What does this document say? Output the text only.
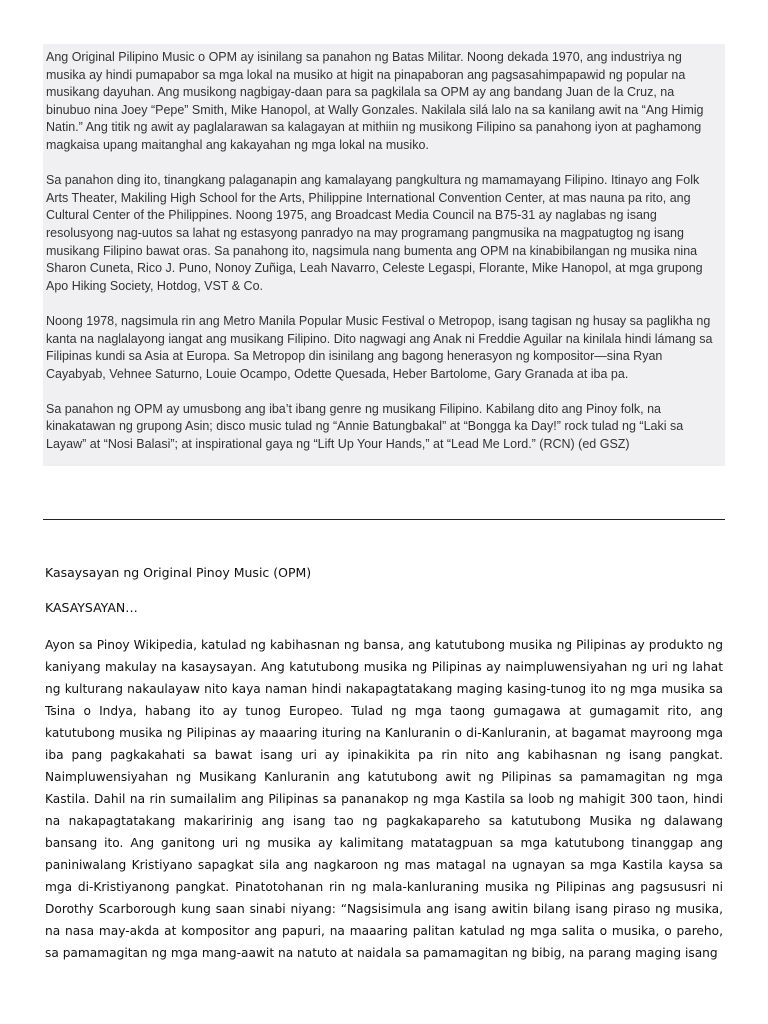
Ang Original Pilipino Music o OPM ay isinilang sa panahon ng Batas Militar. Noong dekada 1970, ang industriya ng musika ay hindi pumapabor sa mga lokal na musiko at higit na pinapaboran ang pagsasahimpapawid ng popular na musikang dayuhan. Ang musikong nagbigay-daan para sa pagkilala sa OPM ay ang bandang Juan de la Cruz, na binubuo nina Joey “Pepe” Smith, Mike Hanopol, at Wally Gonzales. Nakilala silá lalo na sa kanilang awit na “Ang Himig Natin.” Ang titik ng awit ay paglalarawan sa kalagayan at mithiin ng musikong Filipino sa panahong iyon at paghamong magkaisa upang maitanghal ang kakayahan ng mga lokal na musiko.

Sa panahon ding ito, tinangkang palaganapin ang kamalayang pangkultura ng mamamayang Filipino. Itinayo ang Folk Arts Theater, Makiling High School for the Arts, Philippine International Convention Center, at mas nauna pa rito, ang Cultural Center of the Philippines. Noong 1975, ang Broadcast Media Council na B75-31 ay naglabas ng isang resolusyong nag-uutos sa lahat ng estasyong panradyo na may programang pangmusika na magpatugtog ng isang musikang Filipino bawat oras. Sa panahong ito, nagsimula nang bumenta ang OPM na kinabibilangan ng musika nina Sharon Cuneta, Rico J. Puno, Nonoy Zuñiga, Leah Navarro, Celeste Legaspi, Florante, Mike Hanopol, at mga grupong Apo Hiking Society, Hotdog, VST & Co.

Noong 1978, nagsimula rin ang Metro Manila Popular Music Festival o Metropop, isang tagisan ng husay sa paglikha ng kanta na naglalayong iangat ang musikang Filipino. Dito nagwagi ang Anak ni Freddie Aguilar na kinilala hindi lámang sa Filipinas kundi sa Asia at Europa. Sa Metropop din isinilang ang bagong henerasyon ng kompositor—sina Ryan Cayabyab, Vehnee Saturno, Louie Ocampo, Odette Quesada, Heber Bartolome, Gary Granada at iba pa.

Sa panahon ng OPM ay umusbong ang iba’t ibang genre ng musikang Filipino. Kabilang dito ang Pinoy folk, na kinakatawan ng grupong Asin; disco music tulad ng “Annie Batungbakal” at “Bongga ka Day!” rock tulad ng “Laki sa Layaw” at “Nosi Balasi”; at inspirational gaya ng “Lift Up Your Hands,” at “Lead Me Lord.” (RCN) (ed GSZ)

Kasaysayan ng Original Pinoy Music (OPM)

KASAYSAYAN…

Ayon sa Pinoy Wikipedia, katulad ng kabihasnan ng bansa, ang katutubong musika ng Pilipinas ay produkto ng kaniyang makulay na kasaysayan. Ang katutubong musika ng Pilipinas ay naimpluwensiyahan ng uri ng lahat ng kulturang nakaulayaw nito kaya naman hindi nakapagtatakang maging kasing-tunog ito ng mga musika sa Tsina o Indya, habang ito ay tunog Europeo. Tulad ng mga taong gumagawa at gumagamit rito, ang katutubong musika ng Pilipinas ay maaaring ituring na Kanluranin o di-Kanluranin, at bagamat mayroong mga iba pang pagkakahati sa bawat isang uri ay ipinakikita pa rin nito ang kabihasnan ng isang pangkat. Naimpluwensiyahan ng Musikang Kanluranin ang katutubong awit ng Pilipinas sa pamamagitan ng mga Kastila. Dahil na rin sumailalim ang Pilipinas sa pananakop ng mga Kastila sa loob ng mahigit 300 taon, hindi na nakapagtatakang makaririnig ang isang tao ng pagkakapareho sa katutubong Musika ng dalawang bansang ito. Ang ganitong uri ng musika ay kalimitang matatagpuan sa mga katutubong tinanggap ang paniniwalang Kristiyano sapagkat sila ang nagkaroon ng mas matagal na ugnayan sa mga Kastila kaysa sa mga di-Kristiyanong pangkat. Pinatotohanan rin ng mala-kanluraning musika ng Pilipinas ang pagsususri ni Dorothy Scarborough kung saan sinabi niyang: “Nagsisimula ang isang awitin bilang isang piraso ng musika, na nasa may-akda at kompositor ang papuri, na maaaring palitan katulad ng mga salita o musika, o pareho, sa pamamagitan ng mga mang-aawit na natuto at naidala sa pamamagitan ng bibig, na parang maging isang
